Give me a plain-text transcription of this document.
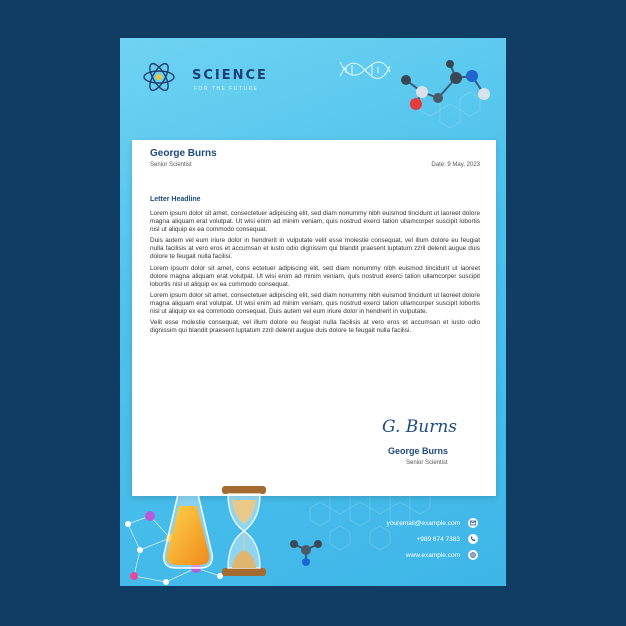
SCIENCE
FOR THE FUTURE
George Burns
Senior Scientist	Date: 9 May, 2023
Letter Headline

Lorem ipsum dolor sit amet, consectetuer adipiscing elit, sed diam nonummy nibh euismod tincidunt ut laoreet dolore magna aliquam erat volutpat. Ut wisi enim ad minim veniam, quis nostrud exerci tation ullamcorper suscipit lobortis nisl ut aliquip ex ea commodo consequat.

Duis autem vel eum iriure dolor in hendrerit in vulputate velit esse molestie consequat, vel illum dolore eu feugiat nulla facilisis at vero eros et accumsan et iusto odio dignissim qui blandit praesent luptatum zzril delenit augue duis dolore te feugait nulla facilisi.

Lorem ipsum dolor sit amet, cons ectetuer adipiscing elit, sed diam nonummy nibh euismod tincidunt ut laoreet dolore magna aliquam erat volutpat. Ut wisi enim ad minim veniam, quis nostrud exerci tation ullamcorper suscipit lobortis nisl ut aliquip ex ea commodo consequat.

Lorem ipsum dolor sit amet, consectetuer adipiscing elit, sed diam nonummy nibh euismod tincidunt ut laoreet dolore magna aliquam erat volutpat. Ut wisi enim ad minim veniam, quis nostrud exerci tation ullamcorper suscipit lobortis nisl ut aliquip ex ea commodo consequat. Duis autem vel eum iriure dolor in hendrerit in vulputate.

Velit esse molestie consequat, vel illum dolore eu feugiat nulla facilisis at vero eros et accumsan et iusto odio dignissim qui blandit praesent luptatum zzril delenit augue duis dolore te feugait nulla facilisi.

G. Burns
George Burns
Senior Scientist
youremail@example.com
+989 674 7383
www.example.com
